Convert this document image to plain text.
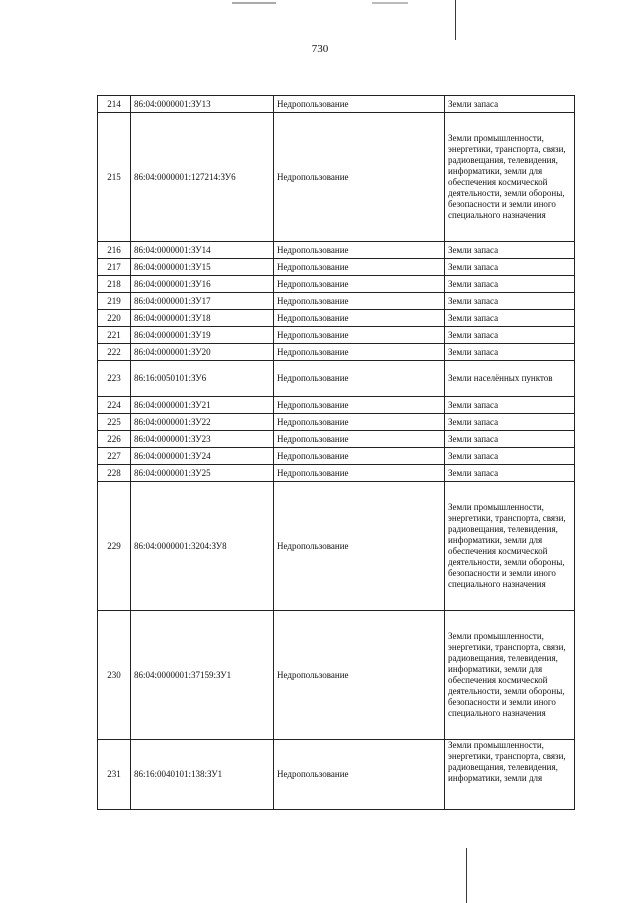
730
214	86:04:0000001:ЗУ13	Недропользование	Земли запаса
215	86:04:0000001:127214:ЗУ6	Недропользование	Земли промышленности, энергетики, транспорта, связи, радиовещания, телевидения, информатики, земли для обеспечения космической деятельности, земли обороны, безопасности и земли иного специального назначения
216	86:04:0000001:ЗУ14	Недропользование	Земли запаса
217	86:04:0000001:ЗУ15	Недропользование	Земли запаса
218	86:04:0000001:ЗУ16	Недропользование	Земли запаса
219	86:04:0000001:ЗУ17	Недропользование	Земли запаса
220	86:04:0000001:ЗУ18	Недропользование	Земли запаса
221	86:04:0000001:ЗУ19	Недропользование	Земли запаса
222	86:04:0000001:ЗУ20	Недропользование	Земли запаса
223	86:16:0050101:ЗУ6	Недропользование	Земли населённых пунктов
224	86:04:0000001:ЗУ21	Недропользование	Земли запаса
225	86:04:0000001:ЗУ22	Недропользование	Земли запаса
226	86:04:0000001:ЗУ23	Недропользование	Земли запаса
227	86:04:0000001:ЗУ24	Недропользование	Земли запаса
228	86:04:0000001:ЗУ25	Недропользование	Земли запаса
229	86:04:0000001:3204:ЗУ8	Недропользование	Земли промышленности, энергетики, транспорта, связи, радиовещания, телевидения, информатики, земли для обеспечения космической деятельности, земли обороны, безопасности и земли иного специального назначения
230	86:04:0000001:37159:ЗУ1	Недропользование	Земли промышленности, энергетики, транспорта, связи, радиовещания, телевидения, информатики, земли для обеспечения космической деятельности, земли обороны, безопасности и земли иного специального назначения
231	86:16:0040101:138:ЗУ1	Недропользование	Земли промышленности, энергетики, транспорта, связи, радиовещания, телевидения, информатики, земли для
